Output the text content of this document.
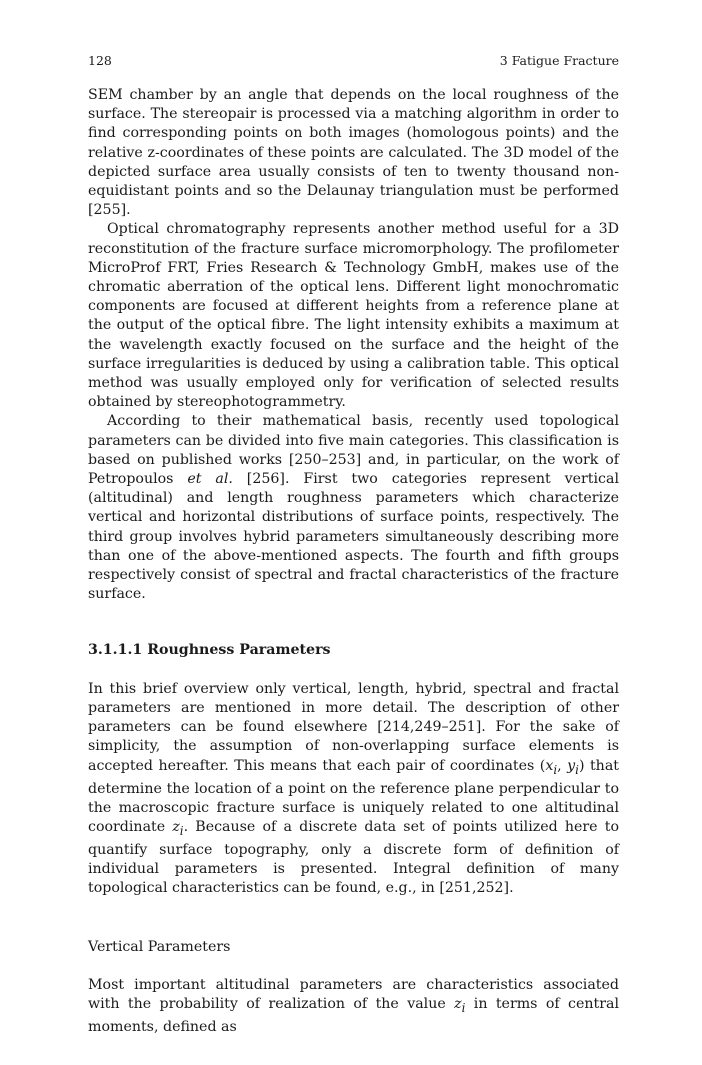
128	3 Fatigue Fracture

SEM chamber by an angle that depends on the local roughness of the surface. The stereopair is processed via a matching algorithm in order to find corresponding points on both images (homologous points) and the relative z-coordinates of these points are calculated. The 3D model of the depicted surface area usually consists of ten to twenty thousand non-equidistant points and so the Delaunay triangulation must be performed [255].

Optical chromatography represents another method useful for a 3D reconstitution of the fracture surface micromorphology. The profilometer MicroProf FRT, Fries Research & Technology GmbH, makes use of the chromatic aberration of the optical lens. Different light monochromatic components are focused at different heights from a reference plane at the output of the optical fibre. The light intensity exhibits a maximum at the wavelength exactly focused on the surface and the height of the surface irregularities is deduced by using a calibration table. This optical method was usually employed only for verification of selected results obtained by stereophotogrammetry.

According to their mathematical basis, recently used topological parameters can be divided into five main categories. This classification is based on published works [250–253] and, in particular, on the work of Petropoulos et al. [256]. First two categories represent vertical (altitudinal) and length roughness parameters which characterize vertical and horizontal distributions of surface points, respectively. The third group involves hybrid parameters simultaneously describing more than one of the above-mentioned aspects. The fourth and fifth groups respectively consist of spectral and fractal characteristics of the fracture surface.

3.1.1.1 Roughness Parameters

In this brief overview only vertical, length, hybrid, spectral and fractal parameters are mentioned in more detail. The description of other parameters can be found elsewhere [214,249–251]. For the sake of simplicity, the assumption of non-overlapping surface elements is accepted hereafter. This means that each pair of coordinates ($x_i$, $y_i$) that determine the location of a point on the reference plane perpendicular to the macroscopic fracture surface is uniquely related to one altitudinal coordinate $z_i$. Because of a discrete data set of points utilized here to quantify surface topography, only a discrete form of definition of individual parameters is presented. Integral definition of many topological characteristics can be found, e.g., in [251,252].

Vertical Parameters

Most important altitudinal parameters are characteristics associated with the probability of realization of the value $z_i$ in terms of central moments, defined as
